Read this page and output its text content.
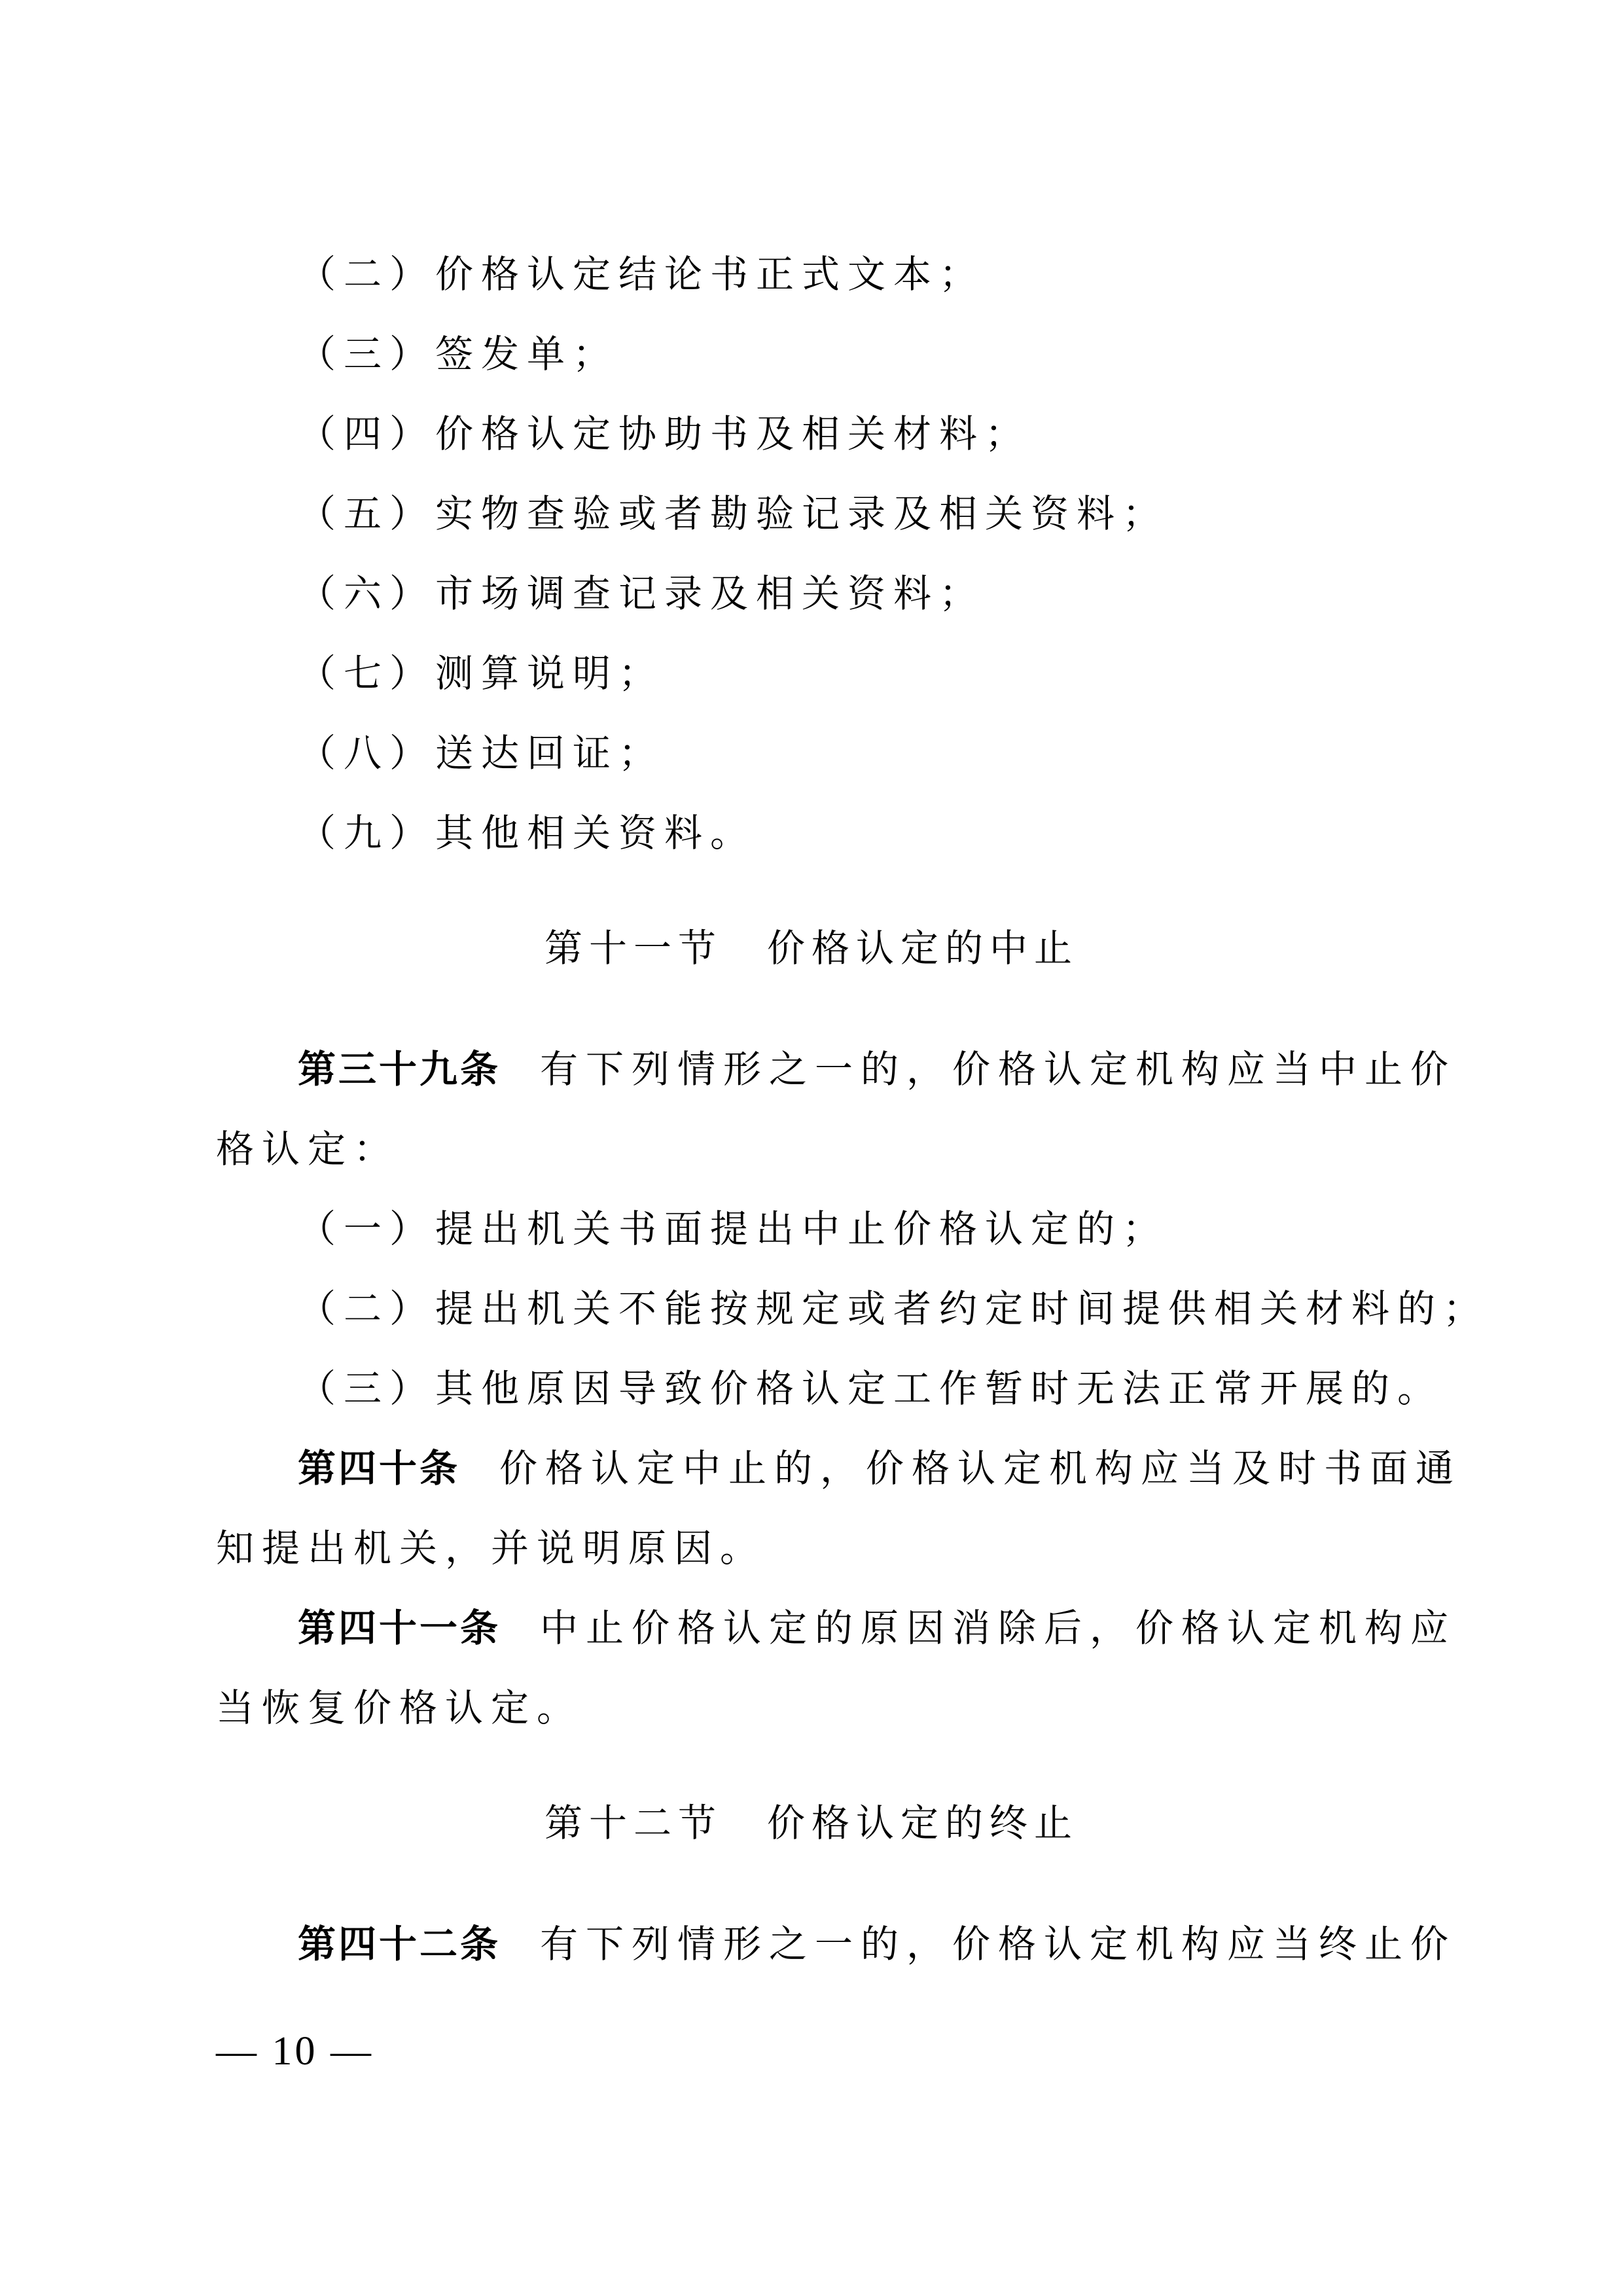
（二）价格认定结论书正式文本；
（三）签发单；
（四）价格认定协助书及相关材料；
（五）实物查验或者勘验记录及相关资料；
（六）市场调查记录及相关资料；
（七）测算说明；
（八）送达回证；
（九）其他相关资料。
第十一节　价格认定的中止
第三十九条 有下列情形之一的，价格认定机构应当中止价
格认定：
（一）提出机关书面提出中止价格认定的；
（二）提出机关不能按规定或者约定时间提供相关材料的；
（三）其他原因导致价格认定工作暂时无法正常开展的。
第四十条 价格认定中止的，价格认定机构应当及时书面通
知提出机关，并说明原因。
第四十一条 中止价格认定的原因消除后，价格认定机构应
当恢复价格认定。
第十二节　价格认定的终止
第四十二条 有下列情形之一的，价格认定机构应当终止价
— 10 —
